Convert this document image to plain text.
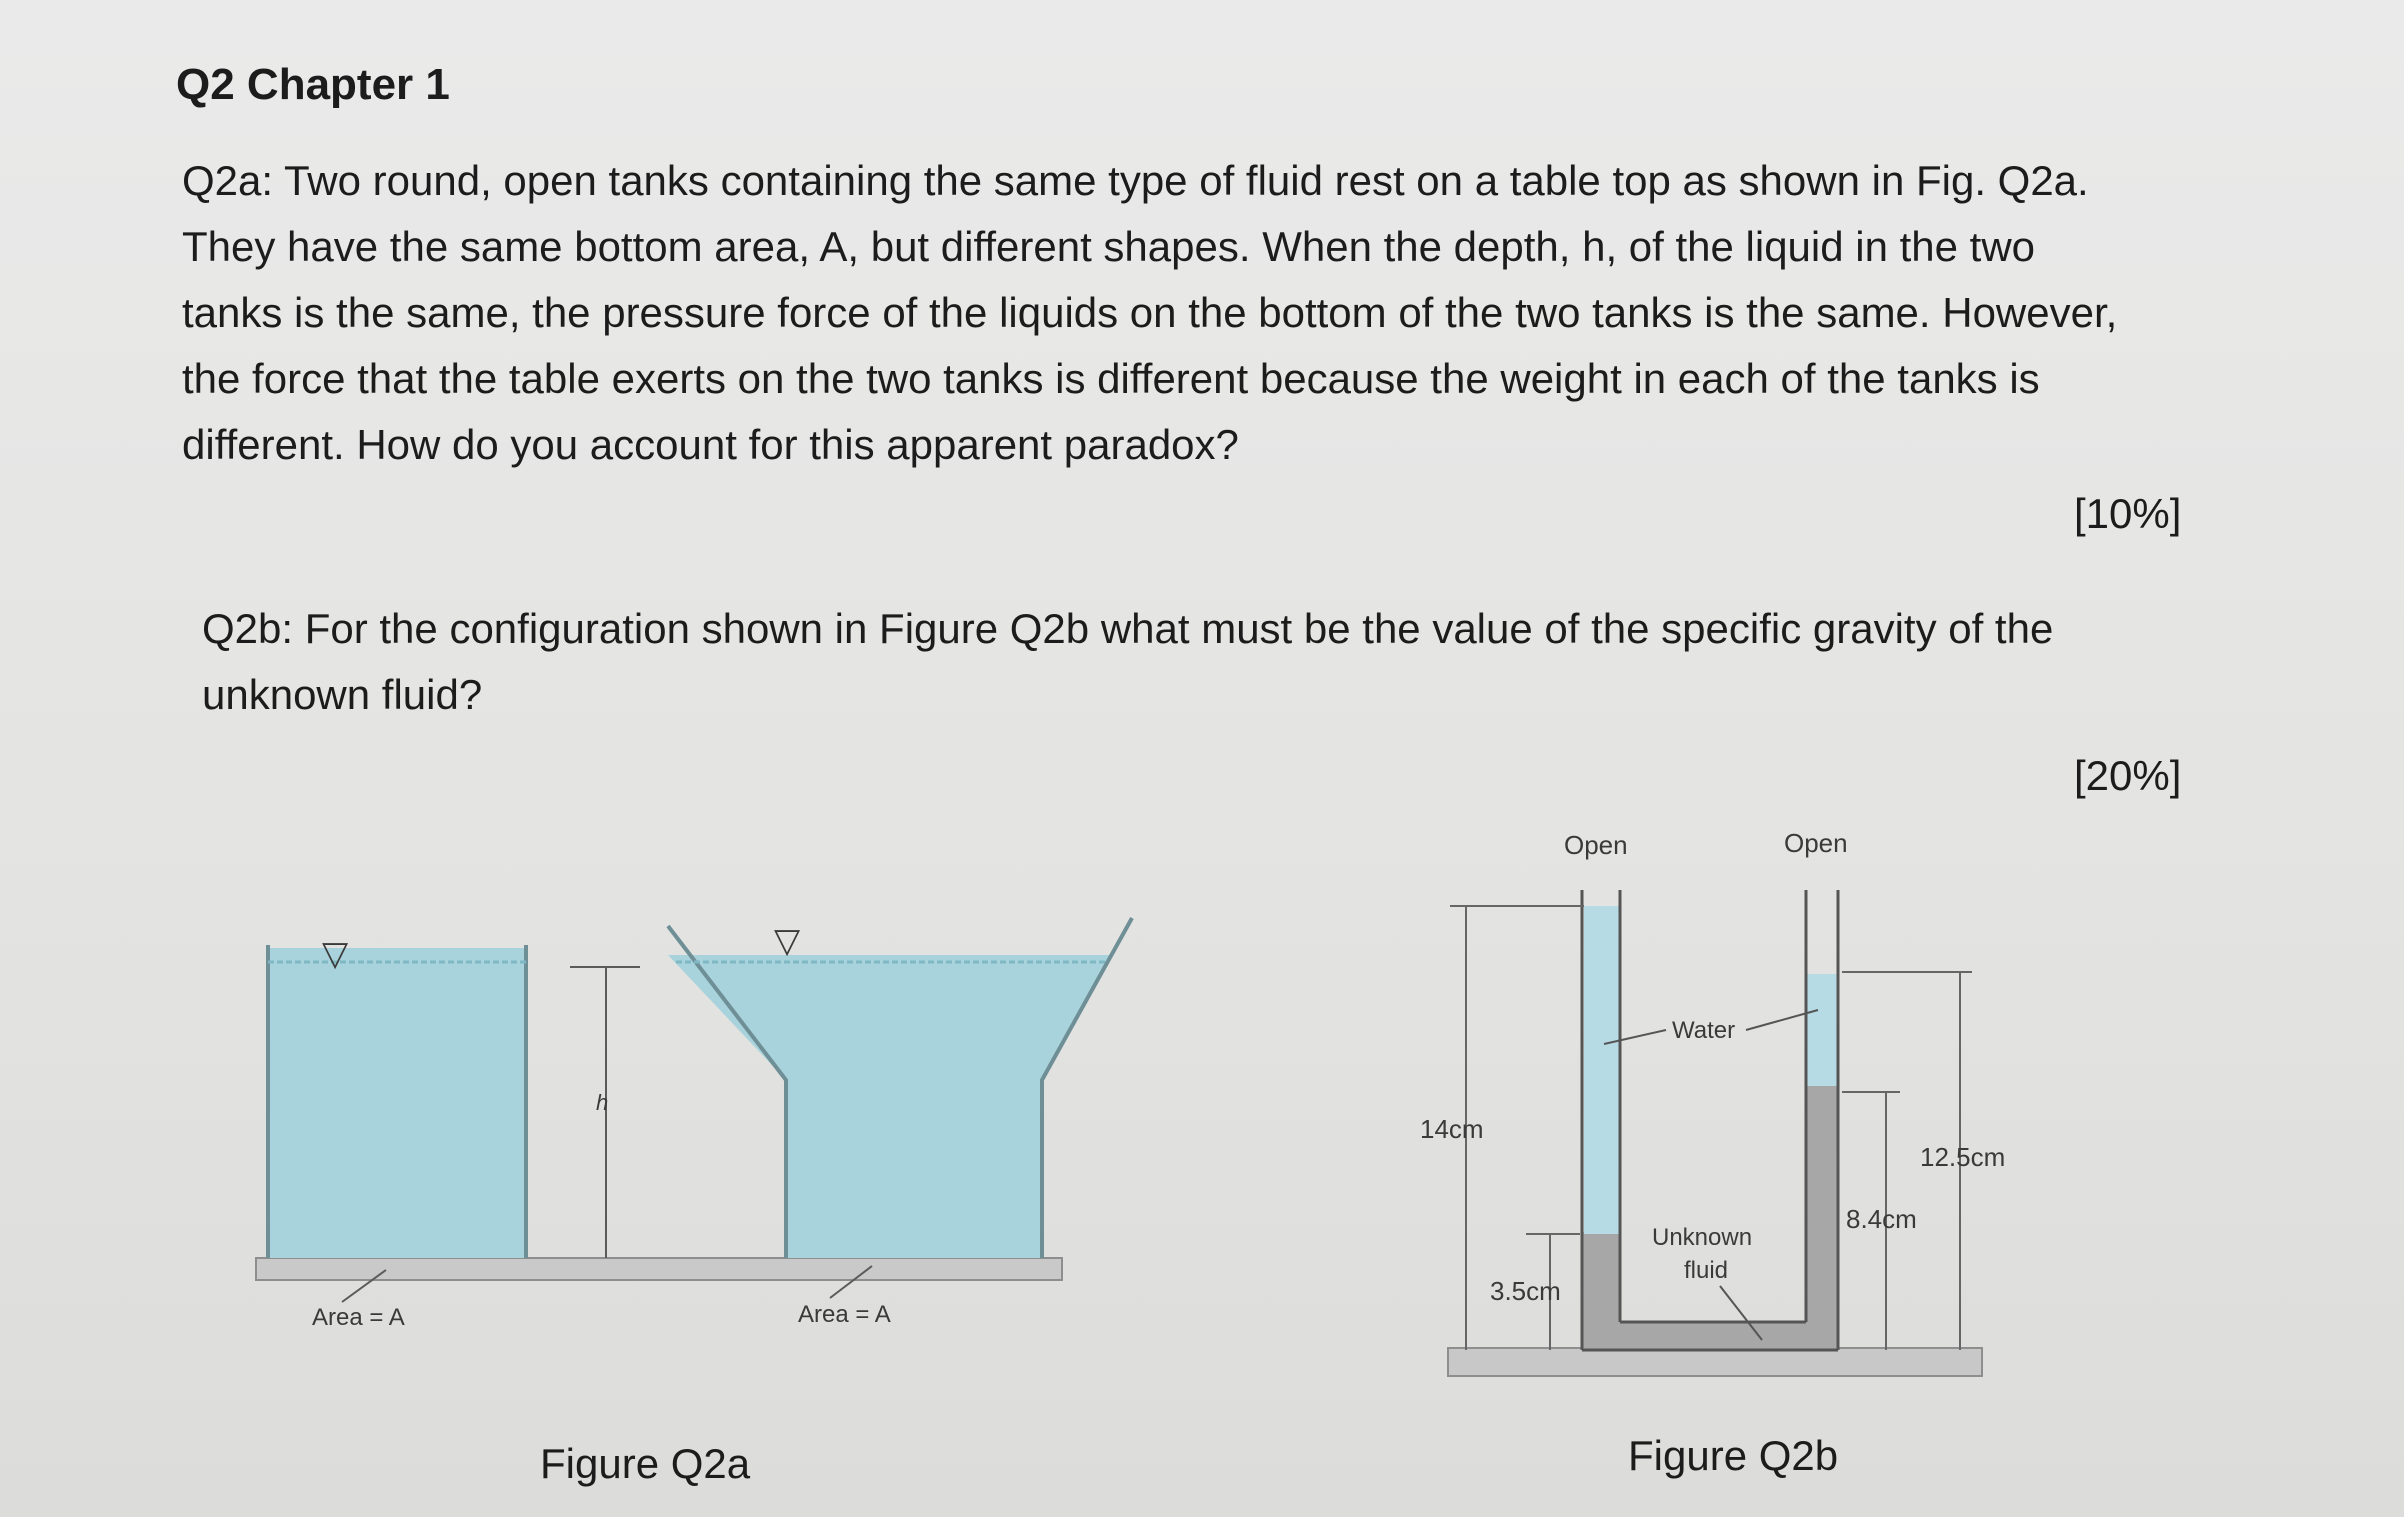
Q2 Chapter 1
Q2a: Two round, open tanks containing the same type of fluid rest on a table top as shown in Fig. Q2a. They have the same bottom area, A, but different shapes. When the depth, h, of the liquid in the two tanks is the same, the pressure force of the liquids on the bottom of the two tanks is the same. However, the force that the table exerts on the two tanks is different because the weight in each of the tanks is different. How do you account for this apparent paradox?
[10%]
Q2b: For the configuration shown in Figure Q2b what must be the value of the specific gravity of the unknown fluid?
[20%]
▽
h
▽
Area = A	Area = A
Open	Open
Water
Unknown
fluid
14cm
3.5cm
8.4cm
12.5cm
Figure Q2a	Figure Q2b
